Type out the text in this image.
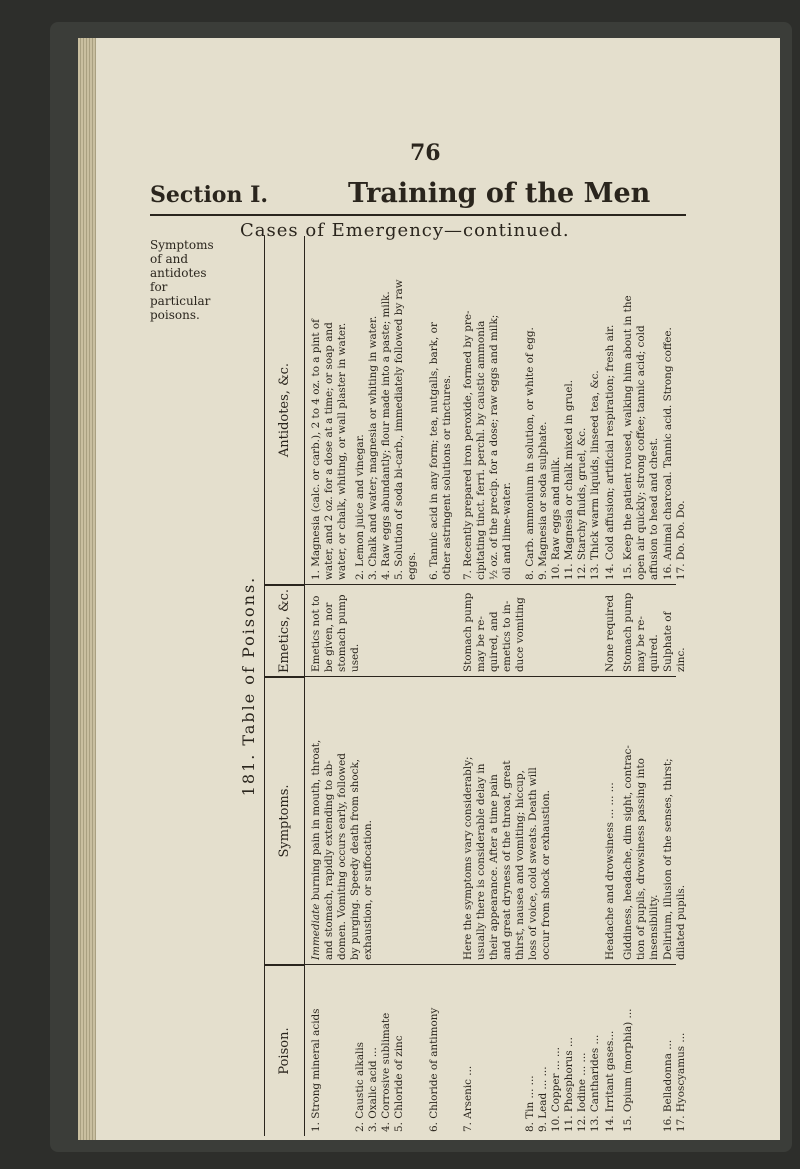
76
Section I.	Training of the Men
Symptoms
of and
antidotes
for
particular
poisons.
181. Table of Poisons.
Poison.
Symptoms.
Emetics, &c.
Antidotes, &c.
1. Strong mineral acids
1. Magnesia (calc. or carb.), 2 to 4 oz. to a pint of water, and 2 oz. for a dose at a time; or soap and water, or chalk, whiting, or wall plaster in water.
2. Caustic alkalis 3. Oxalic acid ... 4. Corrosive sublimate 5. Chloride of zinc
Immediate burning pain in mouth, throat, and stomach, rapidly extending to ab- domen. Vomiting occurs early, followed by purging. Speedy death from shock, exhaustion, or suffocation.
Emetics not to be given, nor stomach pump used.
2. Lemon juice and vinegar. 3. Chalk and water; magnesia or whiting in water. 4. Raw eggs abundantly; flour made into a paste; milk. 5. Solution of soda bi-carb., immediately followed by raw eggs.
6. Chloride of antimony
6. Tannic acid in any form; tea, nutgalls, bark, or other astringent solutions or tinctures.
7. Arsenic ...
Here the symptoms vary considerably; usually there is considerable delay in their appearance. After a time pain and great dryness of the throat, great thirst, nausea and vomiting; hiccup, loss of voice, cold sweats. Death will occur from shock or exhaustion.
Stomach pump may be re- quired, and emetics to in- duce vomiting
7. Recently prepared iron peroxide, formed by pre- cipitating tinct. ferri. perchl. by caustic ammonia ½ oz. of the precip. for a dose; raw eggs and milk; oil and lime-water.
8. Tin ... ... 9. Lead ... ... 10. Copper ... ... 11. Phosphorus ... 12. Iodine ... ... 13. Cantharides ...
8. Carb. ammonium in solution, or white of egg. 9. Magnesia or soda sulphate. 10. Raw eggs and milk. 11. Magnesia or chalk mixed in gruel. 12. Starchy fluids, gruel, &c. 13. Thick warm liquids, linseed tea, &c.
14. Irritant gases...
Headache and drowsiness ... ... ...
None required
14. Cold affusion; artificial respiration; fresh air.
15. Opium (morphia) ...
Giddiness, headache, dim sight, contrac- tion of pupils, drowsiness passing into insensibility.
Stomach pump may be re- quired.
15. Keep the patient roused, walking him about in the open air quickly; strong coffee; tannic acid; cold affusion to head and chest.
16. Belladonna ... 17. Hyoscyamus ...
Delirium, illusion of the senses, thirst; dilated pupils.
Sulphate of zinc.
16. Animal charcoal. Tannic acid. Strong coffee. 17. Do. Do. Do.
Cases of Emergency—continued.
